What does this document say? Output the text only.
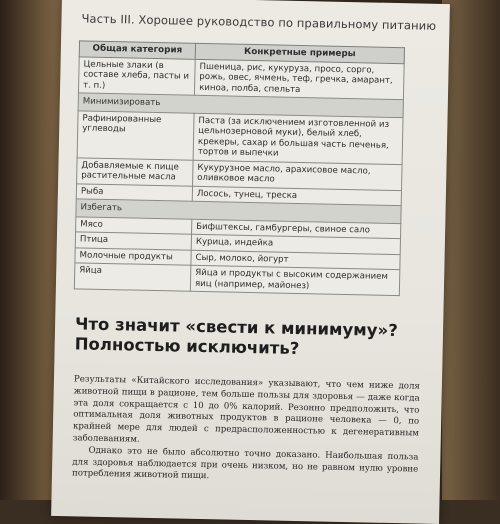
Часть III. Хорошее руководство по правильному питанию
Общая категория	Конкретные примеры
Цельные злаки (в составе хлеба, пасты и т. п.)	Пшеница, рис, кукуруза, просо, сорго, рожь, овес, ячмень, теф, гречка, амарант, киноа, полба, спельта
Минимизировать	
Рафинированные углеводы	Паста (за исключением изготовленной из цельнозерновой муки), белый хлеб, крекеры, сахар и большая часть печенья, тортов и выпечки
Добавляемые к пище растительные масла	Кукурузное масло, арахисовое масло, оливковое масло
Рыба	Лосось, тунец, треска
Избегать	
Мясо	Бифштексы, гамбургеры, свиное сало
Птица	Курица, индейка
Молочные продукты	Сыр, молоко, йогурт
Яйца	Яйца и продукты с высоким содержанием яиц (например, майонез)
Что значит «свести к минимуму»? Полностью исключить?

Результаты «Китайского исследования» указывают, что чем ниже доля животной пищи в рационе, тем больше пользы для здоровья — даже когда эта доля сокращается с 10 до 0% калорий. Резонно предположить, что оптимальная доля животных продуктов в рационе человека — 0, по крайней мере для людей с предрасположенностью к дегенеративным заболеваниям.

Однако это не было абсолютно точно доказано. Наибольшая польза для здоровья наблюдается при очень низком, но не равном нулю уровне потребления животной пищи.
